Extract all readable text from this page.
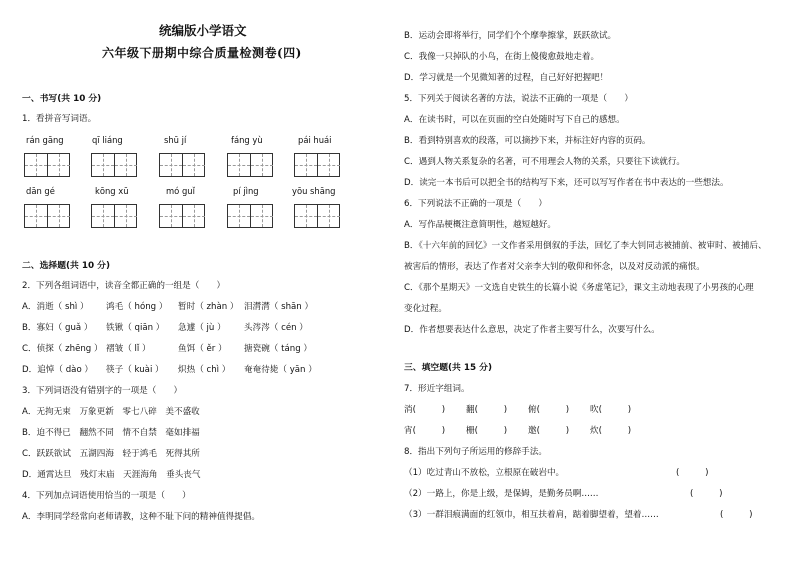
统编版小学语文
六年级下册期中综合质量检测卷(四)
一、书写(共 10 分)
1．看拼音写词语。
rán gāng	qī liáng	shū jí	fáng yù	pái huái
dān gé	kōng xū	mó guǐ	pí jìng	yōu shāng
二、选择题(共 10 分)
2．下列各组词语中，读音全都正确的一组是（　　）
A．消逝（ shì ） 鸿毛（ hóng ） 暂时（ zhàn ） 泪潸潸（ shān ）
B．寡妇（ guǎ ） 铁锹（ qiān ） 急遽（ jù ） 头涔涔（ cén ）
C．侦探（ zhēng ） 褶皱（ lǐ ）	鱼饵（ ěr ） 搪瓷碗（ táng ）
D．追悼（ dào ） 筷子（ kuài ） 炽热（ chì ） 奄奄待毙（ yān ）
3．下列词语没有错别字的一项是（　　）
A．无拘无束　万象更新　零七八碎　美不盛收
B．迫不得已　翻然不同　情不自禁　毫如排福
C．跃跃欲试　五湖四海　轻于鸿毛　死得其所
D．通霄达旦　残灯末庙　天涯海角　垂头丧气
4．下列加点词语使用恰当的一项是（　　）
A．李明同学经常向老师请教，这种不耻下问的精神值得提倡。
B．运动会即将举行，同学们个个摩拳擦掌，跃跃欲试。
C．我像一只掉队的小鸟，在街上傻傻愈鼓地走着。
D．学习就是一个见微知著的过程，自己好好把握吧！
5．下列关于阅读名著的方法，说法不正确的一项是（　　）
A．在读书时，可以在页面的空白处随时写下自己的感想。
B．看到特别喜欢的段落，可以摘抄下来，并标注好内容的页码。
C．遇到人物关系复杂的名著，可不用理会人物的关系，只要往下读就行。
D．读完一本书后可以把全书的结构写下来，还可以写写作者在书中表达的一些想法。
6．下列说法不正确的一项是（　　）
A．写作品梗概注意简明性，越短越好。
B．《十六年前的回忆》一文作者采用倒叙的手法，回忆了李大钊同志被捕前、被审时、被捕后、
被害后的情形，表达了作者对父亲李大钊的敬仰和怀念，以及对反动派的痛恨。
C．《那个星期天》一文选自史铁生的长篇小说《务虚笔记》，课文主动地表现了小男孩的心理
变化过程。
D．作者想要表达什么意思，决定了作者主要写什么，次要写什么。
三、填空题(共 15 分)
7．形近字组词。
消(　　　) 翻(　　　) 俯(　　　) 吹(　　　)
宵(　　　) 栅(　　　) 邀(　　　) 炊(　　　)
8．指出下列句子所运用的修辞手法。
（1）吃过青山不放松，立根原在破岩中。	(　　　)
（2）一路上，你是上级，是保姆，是勤务员啊……	(　　　)
（3）一群泪痕满面的红领巾，相互扶着肩，踮着脚望着，望着……	(　　　)
